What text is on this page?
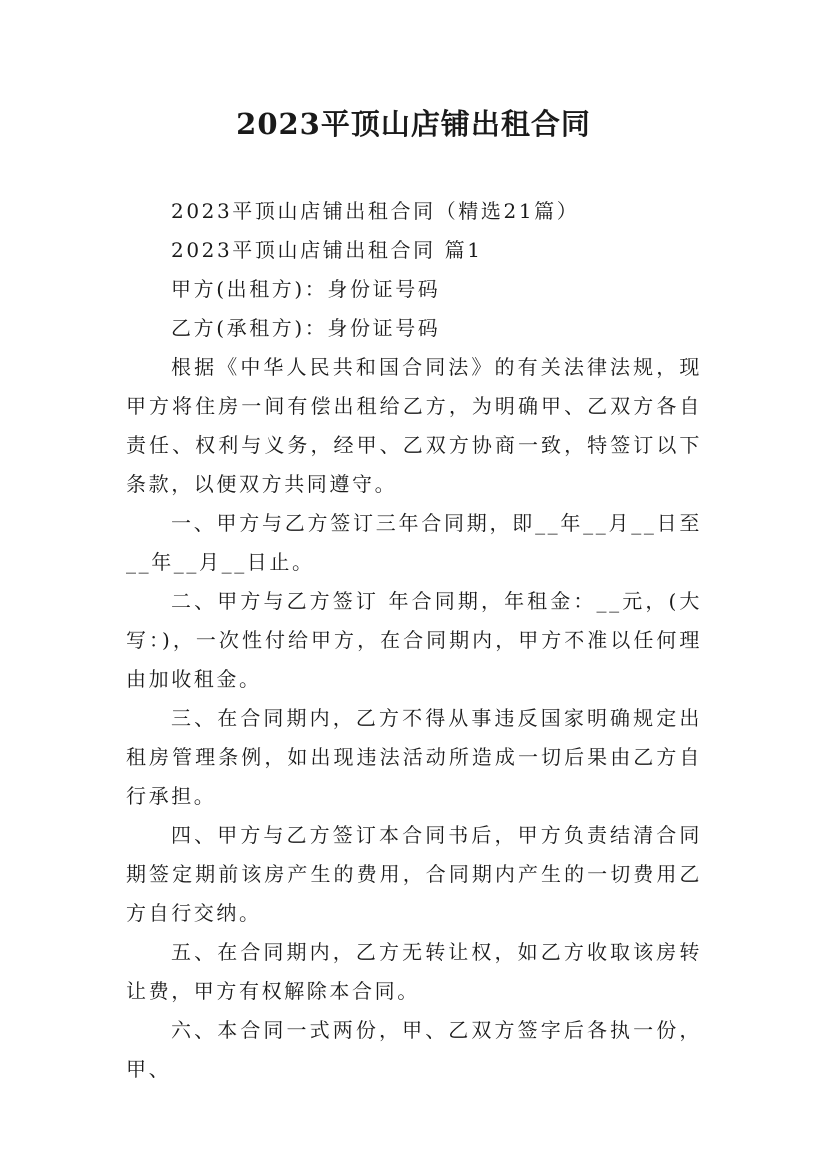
2023平顶山店铺出租合同

2023平顶山店铺出租合同（精选21篇）

2023平顶山店铺出租合同 篇1

甲方(出租方)：身份证号码

乙方(承租方)：身份证号码

根据《中华人民共和国合同法》的有关法律法规，现甲方将住房一间有偿出租给乙方，为明确甲、乙双方各自责任、权利与义务，经甲、乙双方协商一致，特签订以下条款，以便双方共同遵守。

一、甲方与乙方签订三年合同期，即__年__月__日至__年__月__日止。

二、甲方与乙方签订 年合同期，年租金：__元，(大写：)，一次性付给甲方，在合同期内，甲方不准以任何理由加收租金。

三、在合同期内，乙方不得从事违反国家明确规定出租房管理条例，如出现违法活动所造成一切后果由乙方自行承担。

四、甲方与乙方签订本合同书后，甲方负责结清合同期签定期前该房产生的费用，合同期内产生的一切费用乙方自行交纳。

五、在合同期内，乙方无转让权，如乙方收取该房转让费，甲方有权解除本合同。

六、本合同一式两份，甲、乙双方签字后各执一份，甲、
